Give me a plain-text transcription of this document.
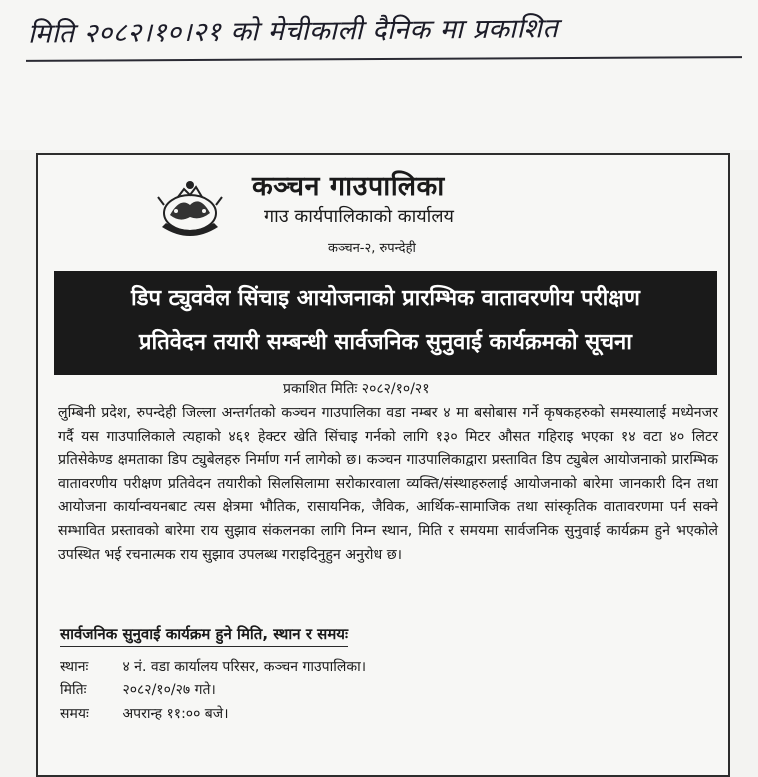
मिति २०८२।१०।२१ को मेचीकाली दैनिक मा प्रकाशित
कञ्चन गाउपालिका
गाउ कार्यपालिकाको कार्यालय
कञ्चन-२, रुपन्देही
डिप ट्युववेल सिंचाइ आयोजनाको प्रारम्भिक वातावरणीय परीक्षण
प्रतिवेदन तयारी सम्बन्धी सार्वजनिक सुनुवाई कार्यक्रमको सूचना
प्रकाशित मितिः २०८२/१०/२१
लुम्बिनी प्रदेश, रुपन्देही जिल्ला अन्तर्गतको कञ्चन गाउपालिका वडा नम्बर ४ मा बसोबास गर्ने कृषकहरुको समस्यालाई मध्येनजर गर्दै यस गाउपालिकाले त्यहाको ४६१ हेक्टर खेति सिंचाइ गर्नको लागि १३० मिटर औसत गहिराइ भएका १४ वटा ४० लिटर प्रतिसेकेण्ड क्षमताका डिप ट्युबेलहरु निर्माण गर्न लागेको छ। कञ्चन गाउपालिकाद्वारा प्रस्तावित डिप ट्युबेल आयोजनाको प्रारम्भिक वातावरणीय परीक्षण प्रतिवेदन तयारीको सिलसिलामा सरोकारवाला व्यक्ति/संस्थाहरुलाई आयोजनाको बारेमा जानकारी दिन तथा आयोजना कार्यान्वयनबाट त्यस क्षेत्रमा भौतिक, रासायनिक, जैविक, आर्थिक-सामाजिक तथा सांस्कृतिक वातावरणमा पर्न सक्ने सम्भावित प्रस्तावको बारेमा राय सुझाव संकलनका लागि निम्न स्थान, मिति र समयमा सार्वजनिक सुनुवाई कार्यक्रम हुने भएकोले उपस्थित भई रचनात्मक राय सुझाव उपलब्ध गराइदिनुहुन अनुरोध छ।
सार्वजनिक सुनुवाई कार्यक्रम हुने मिति, स्थान र समयः
स्थानः ४ नं. वडा कार्यालय परिसर, कञ्चन गाउपालिका।
मितिः	२०८२/१०/२७ गते।
समयः अपरान्ह ११:०० बजे।
